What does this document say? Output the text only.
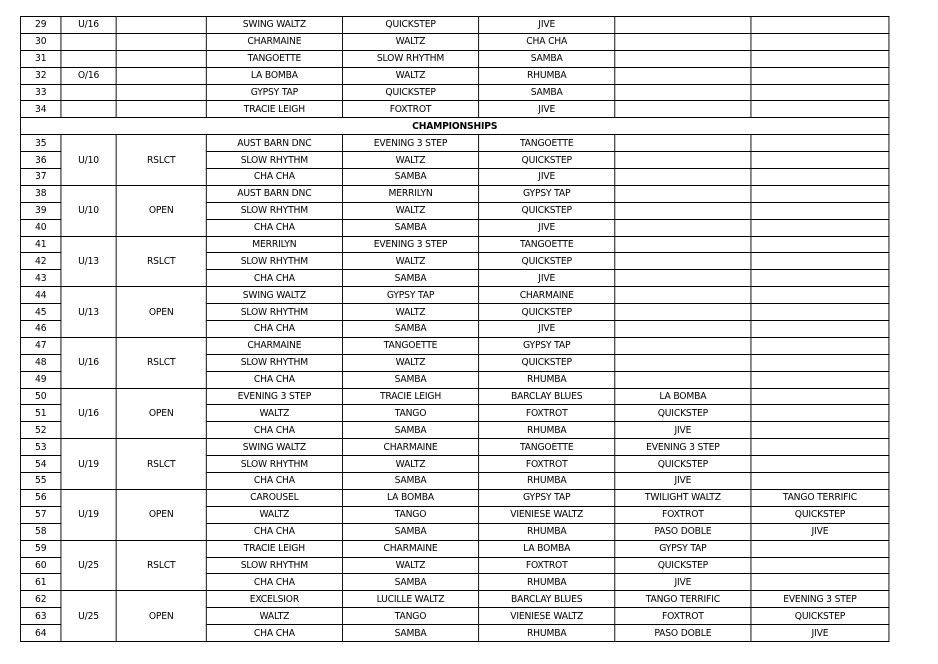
29	U/16		SWING WALTZ	QUICKSTEP	JIVE		
30			CHARMAINE	WALTZ	CHA CHA		
31			TANGOETTE	SLOW RHYTHM	SAMBA		
32	O/16		LA BOMBA	WALTZ	RHUMBA		
33			GYPSY TAP	QUICKSTEP	SAMBA		
34			TRACIE LEIGH	FOXTROT	JIVE		
CHAMPIONSHIPS							
35	U/10	RSLCT	AUST BARN DNC	EVENING 3 STEP	TANGOETTE		
36			SLOW RHYTHM	WALTZ	QUICKSTEP		
37			CHA CHA	SAMBA	JIVE		
38	U/10	OPEN	AUST BARN DNC	MERRILYN	GYPSY TAP		
39			SLOW RHYTHM	WALTZ	QUICKSTEP		
40			CHA CHA	SAMBA	JIVE		
41	U/13	RSLCT	MERRILYN	EVENING 3 STEP	TANGOETTE		
42			SLOW RHYTHM	WALTZ	QUICKSTEP		
43			CHA CHA	SAMBA	JIVE		
44	U/13	OPEN	SWING WALTZ	GYPSY TAP	CHARMAINE		
45			SLOW RHYTHM	WALTZ	QUICKSTEP		
46			CHA CHA	SAMBA	JIVE		
47	U/16	RSLCT	CHARMAINE	TANGOETTE	GYPSY TAP		
48			SLOW RHYTHM	WALTZ	QUICKSTEP		
49			CHA CHA	SAMBA	RHUMBA		
50	U/16	OPEN	EVENING 3 STEP	TRACIE LEIGH	BARCLAY BLUES	LA BOMBA	
51			WALTZ	TANGO	FOXTROT	QUICKSTEP	
52			CHA CHA	SAMBA	RHUMBA	JIVE	
53	U/19	RSLCT	SWING WALTZ	CHARMAINE	TANGOETTE	EVENING 3 STEP	
54			SLOW RHYTHM	WALTZ	FOXTROT	QUICKSTEP	
55			CHA CHA	SAMBA	RHUMBA	JIVE	
56	U/19	OPEN	CAROUSEL	LA BOMBA	GYPSY TAP	TWILIGHT WALTZ	TANGO TERRIFIC
57			WALTZ	TANGO	VIENIESE WALTZ	FOXTROT	QUICKSTEP
58			CHA CHA	SAMBA	RHUMBA	PASO DOBLE	JIVE
59	U/25	RSLCT	TRACIE LEIGH	CHARMAINE	LA BOMBA	GYPSY TAP	
60			SLOW RHYTHM	WALTZ	FOXTROT	QUICKSTEP	
61			CHA CHA	SAMBA	RHUMBA	JIVE	
62	U/25	OPEN	EXCELSIOR	LUCILLE WALTZ	BARCLAY BLUES	TANGO TERRIFIC	EVENING 3 STEP
63			WALTZ	TANGO	VIENIESE WALTZ	FOXTROT	QUICKSTEP
64			CHA CHA	SAMBA	RHUMBA	PASO DOBLE	JIVE
